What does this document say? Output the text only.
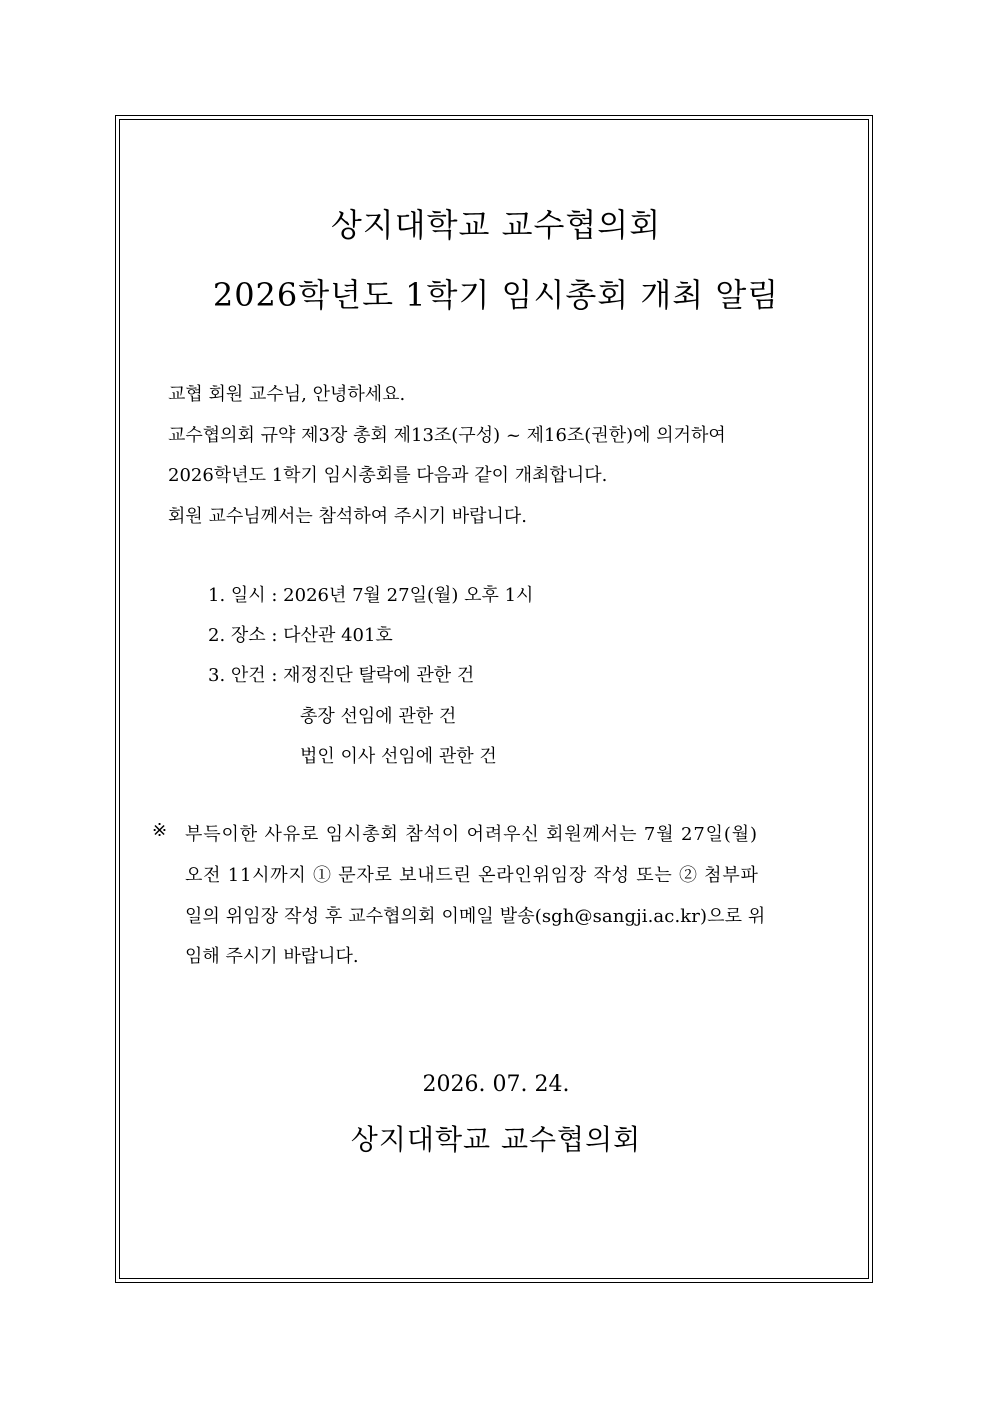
상지대학교 교수협의회
2026학년도 1학기 임시총회 개최 알림
교협 회원 교수님, 안녕하세요.
교수협의회 규약 제3장 총회 제13조(구성) ~ 제16조(권한)에 의거하여
2026학년도 1학기 임시총회를 다음과 같이 개최합니다.
회원 교수님께서는 참석하여 주시기 바랍니다.
1. 일시 : 2026년 7월 27일(월) 오후 1시
2. 장소 : 다산관 401호
3. 안건 : 재정진단 탈락에 관한 건
총장 선임에 관한 건
법인 이사 선임에 관한 건
※ 부득이한 사유로 임시총회 참석이 어려우신 회원께서는 7월 27일(월)
오전 11시까지 ① 문자로 보내드린 온라인위임장 작성 또는 ② 첨부파
일의 위임장 작성 후 교수협의회 이메일 발송(sgh@sangji.ac.kr)으로 위
임해 주시기 바랍니다.
2026. 07. 24.
상지대학교 교수협의회
